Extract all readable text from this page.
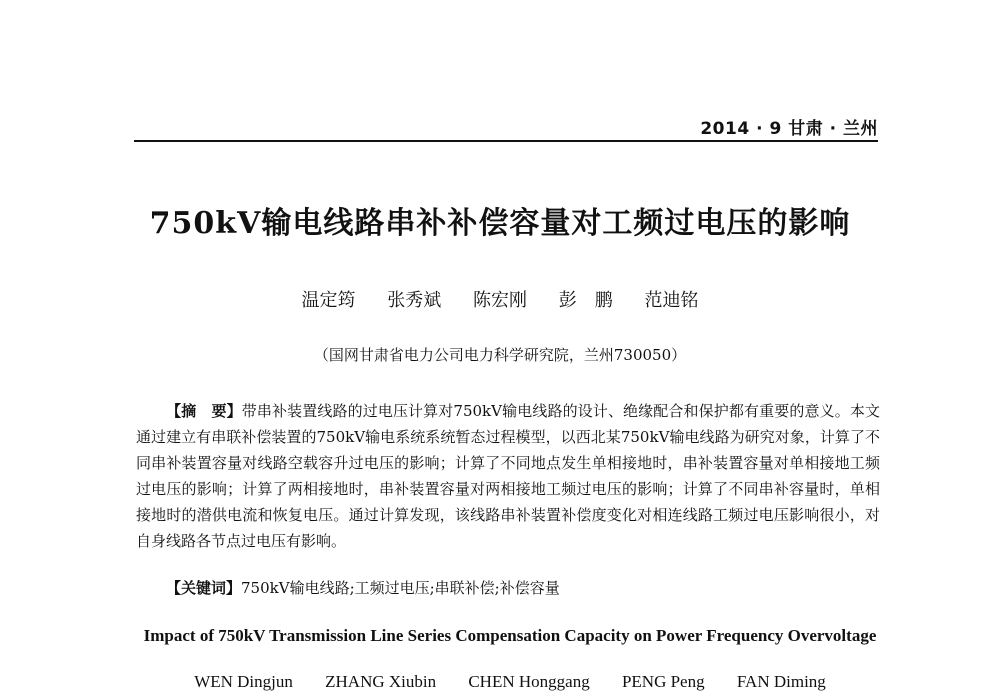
2014 · 9 甘肃 · 兰州
750kV输电线路串补补偿容量对工频过电压的影响
温定筠 张秀斌 陈宏刚 彭　鹏 范迪铭
（国网甘肃省电力公司电力科学研究院，兰州730050）
【摘　要】带串补装置线路的过电压计算对750kV输电线路的设计、绝缘配合和保护都有重要的意义。本文通过建立有串联补偿装置的750kV输电系统系统暂态过程模型，以西北某750kV输电线路为研究对象，计算了不同串补装置容量对线路空载容升过电压的影响；计算了不同地点发生单相接地时，串补装置容量对单相接地工频过电压的影响；计算了两相接地时，串补装置容量对两相接地工频过电压的影响；计算了不同串补容量时，单相接地时的潜供电流和恢复电压。通过计算发现，该线路串补装置补偿度变化对相连线路工频过电压影响很小，对自身线路各节点过电压有影响。
【关键词】750kV输电线路;工频过电压;串联补偿;补偿容量
Impact of 750kV Transmission Line Series Compensation Capacity on Power Frequency Overvoltage
WEN Dingjun ZHANG Xiubin CHEN Honggang PENG Peng FAN Diming
